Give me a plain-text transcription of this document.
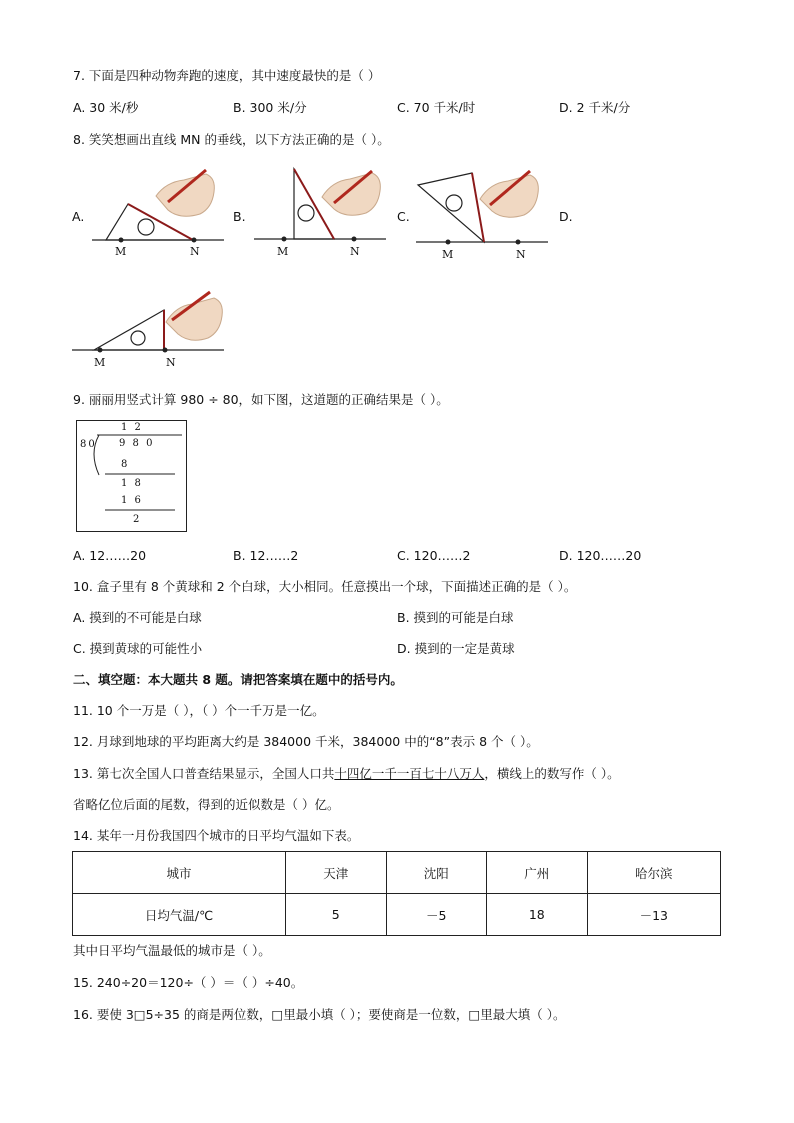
7. 下面是四种动物奔跑的速度，其中速度最快的是（ ）
A. 30 米/秒	B. 300 米/分	C. 70 千米/时	D. 2 千米/分
8. 笑笑想画出直线 MN 的垂线，以下方法正确的是（ ）。
A.
M	N
B.
M	N
C.
M	N
D.
M	N
9. 丽丽用竖式计算 980 ÷ 80，如下图，这道题的正确结果是（ ）。
1 2
80 9 8 0
8
1 8
1 6
2
A. 12……20	B. 12……2	C. 120……2	D. 120……20
10. 盒子里有 8 个黄球和 2 个白球，大小相同。任意摸出一个球，下面描述正确的是（ ）。
A. 摸到的不可能是白球	B. 摸到的可能是白球
C. 摸到黄球的可能性小	D. 摸到的一定是黄球
二、填空题：本大题共 8 题。请把答案填在题中的括号内。
11. 10 个一万是（ ），（ ）个一千万是一亿。
12. 月球到地球的平均距离大约是 384000 千米，384000 中的“8”表示 8 个（ ）。
13. 第七次全国人口普查结果显示，全国人口共十四亿一千一百七十八万人，横线上的数写作（ ）。
省略亿位后面的尾数，得到的近似数是（ ）亿。
14. 某年一月份我国四个城市的日平均气温如下表。
城市	天津	沈阳	广州	哈尔滨
日均气温/℃	5	－5	18	－13
其中日平均气温最低的城市是（ ）。
15. 240÷20＝120÷（ ）＝（ ）÷40。
16. 要使 3□5÷35 的商是两位数，□里最小填（ ）；要使商是一位数，□里最大填（ ）。
